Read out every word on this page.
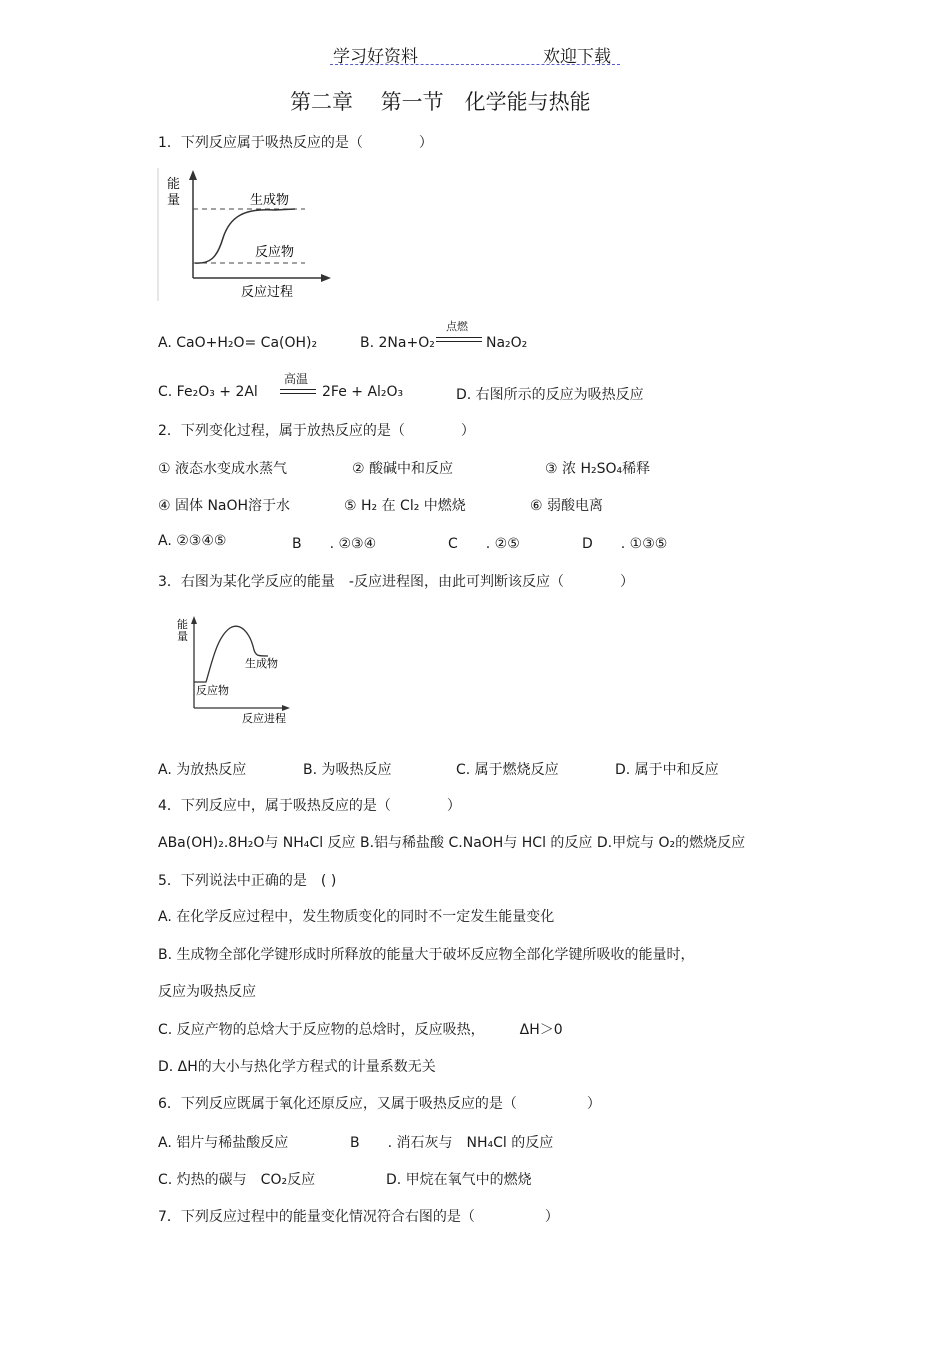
学习好资料	欢迎下载
第二章　 第一节　化学能与热能
1．下列反应属于吸热反应的是（　　　　）
能
量	生成物
反应物
反应过程
A. CaO+H₂O= Ca(OH)₂	B. 2Na+O₂
点燃
Na₂O₂
C. Fe₂O₃ + 2Al
高温
2Fe + Al₂O₃	D. 右图所示的反应为吸热反应
2．下列变化过程，属于放热反应的是（　　　　）
① 液态水变成水蒸气	② 酸碱中和反应	③ 浓 H₂SO₄稀释
④ 固体 NaOH溶于水	⑤ H₂ 在 Cl₂ 中燃烧	⑥ 弱酸电离
A. ②③④⑤	B　　. ②③④	C　　. ②⑤	D　　. ①③⑤
3．右图为某化学反应的能量　-反应进程图，由此可判断该反应（　　　　）
能
量
生成物
反应物
反应进程
A. 为放热反应	B. 为吸热反应	C. 属于燃烧反应	D. 属于中和反应
4．下列反应中，属于吸热反应的是（　　　　）
ABa(OH)₂.8H₂O与 NH₄Cl 反应 B.铝与稀盐酸 C.NaOH与 HCl 的反应 D.甲烷与 O₂的燃烧反应
5．下列说法中正确的是　( )
A. 在化学反应过程中，发生物质变化的同时不一定发生能量变化
B. 生成物全部化学键形成时所释放的能量大于破坏反应物全部化学键所吸收的能量时，
反应为吸热反应
C. 反应产物的总焓大于反应物的总焓时，反应吸热，　　　ΔH＞0
D. ΔH的大小与热化学方程式的计量系数无关
6．下列反应既属于氧化还原反应，又属于吸热反应的是（　　　　　）
A. 铝片与稀盐酸反应	B　　. 消石灰与　NH₄Cl 的反应
C. 灼热的碳与　CO₂反应	D. 甲烷在氧气中的燃烧
7．下列反应过程中的能量变化情况符合右图的是（　　　　　）
